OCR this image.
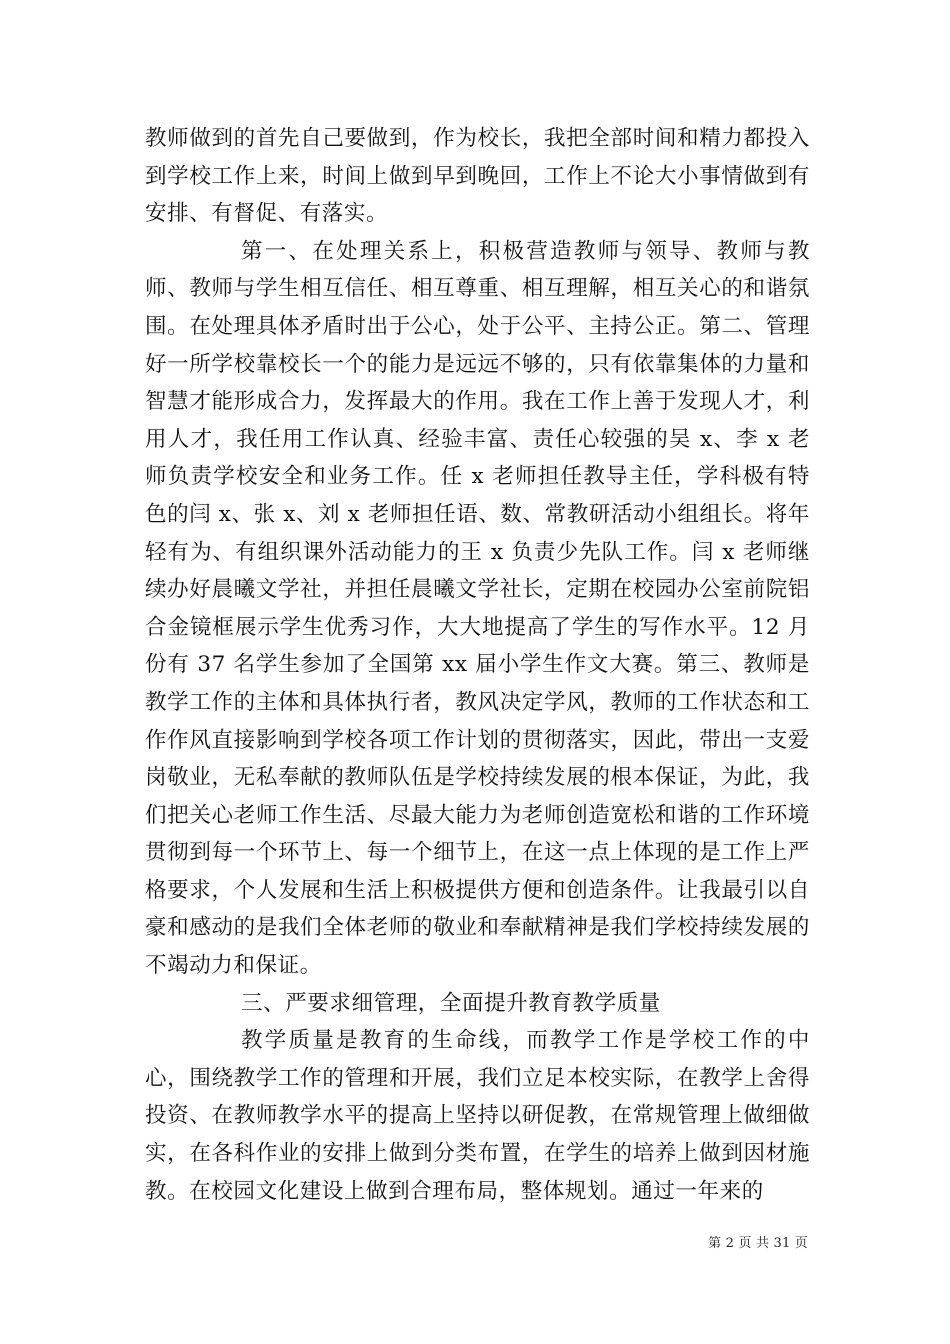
教师做到的首先自己要做到，作为校长，我把全部时间和精力都投入到学校工作上来，时间上做到早到晚回，工作上不论大小事情做到有安排、有督促、有落实。

第一、在处理关系上，积极营造教师与领导、教师与教师、教师与学生相互信任、相互尊重、相互理解，相互关心的和谐氛围。在处理具体矛盾时出于公心，处于公平、主持公正。第二、管理好一所学校靠校长一个的能力是远远不够的，只有依靠集体的力量和智慧才能形成合力，发挥最大的作用。我在工作上善于发现人才，利用人才，我任用工作认真、经验丰富、责任心较强的吴 x、李 x 老师负责学校安全和业务工作。任 x 老师担任教导主任，学科极有特色的闫 x、张 x、刘 x 老师担任语、数、常教研活动小组组长。将年轻有为、有组织课外活动能力的王 x 负责少先队工作。闫 x 老师继续办好晨曦文学社，并担任晨曦文学社长，定期在校园办公室前院铝合金镜框展示学生优秀习作，大大地提高了学生的写作水平。12 月份有 37 名学生参加了全国第 xx 届小学生作文大赛。第三、教师是教学工作的主体和具体执行者，教风决定学风，教师的工作状态和工作作风直接影响到学校各项工作计划的贯彻落实，因此，带出一支爱岗敬业，无私奉献的教师队伍是学校持续发展的根本保证，为此，我们把关心老师工作生活、尽最大能力为老师创造宽松和谐的工作环境贯彻到每一个环节上、每一个细节上，在这一点上体现的是工作上严格要求，个人发展和生活上积极提供方便和创造条件。让我最引以自豪和感动的是我们全体老师的敬业和奉献精神是我们学校持续发展的不竭动力和保证。

三、严要求细管理，全面提升教育教学质量

教学质量是教育的生命线，而教学工作是学校工作的中心，围绕教学工作的管理和开展，我们立足本校实际，在教学上舍得投资、在教师教学水平的提高上坚持以研促教，在常规管理上做细做实，在各科作业的安排上做到分类布置，在学生的培养上做到因材施教。在校园文化建设上做到合理布局，整体规划。通过一年来的

第 2 页 共 31 页
